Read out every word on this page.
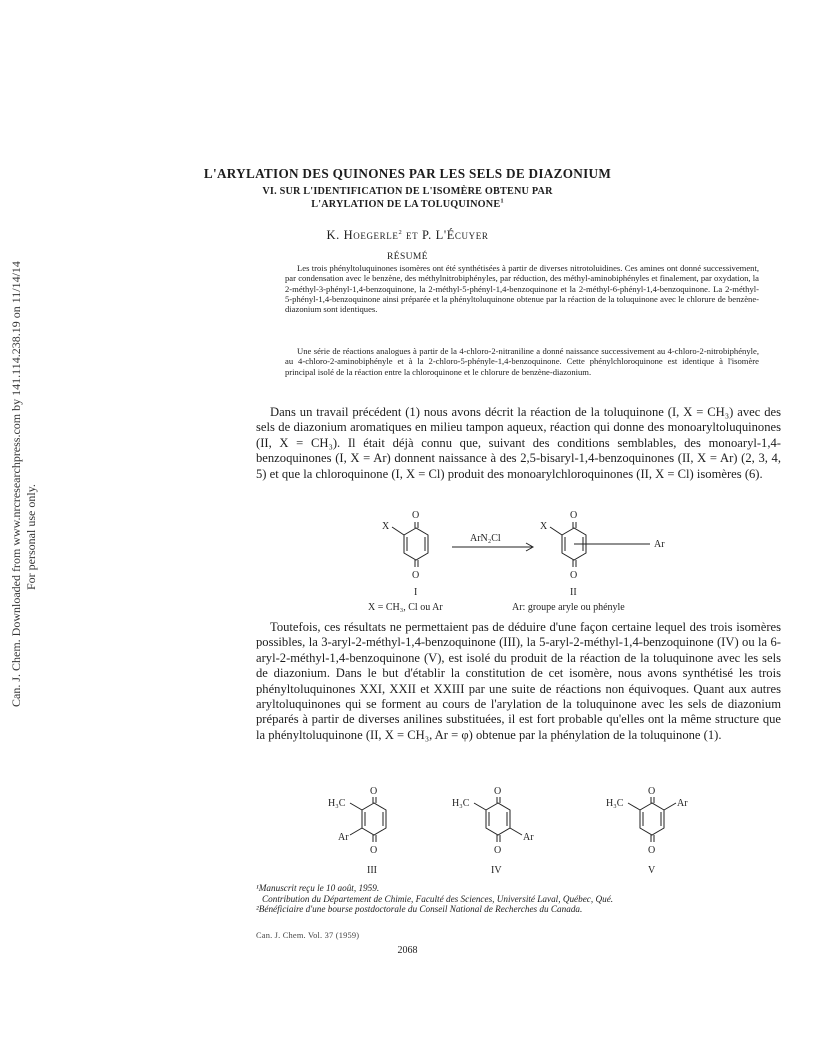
Can. J. Chem. Downloaded from www.nrcresearchpress.com by 141.114.238.19 on 11/14/14 For personal use only.
L'ARYLATION DES QUINONES PAR LES SELS DE DIAZONIUM
VI. SUR L'IDENTIFICATION DE L'ISOMÈRE OBTENU PAR
L'ARYLATION DE LA TOLUQUINONE$^1$
K. Hoegerle$^2$ et P. L'Écuyer
RÉSUMÉ

Les trois phényltoluquinones isomères ont été synthétisées à partir de diverses nitrotoluidines. Ces amines ont donné successivement, par condensation avec le benzène, des méthylnitrobiphényles, par réduction, des méthyl-aminobiphényles et finalement, par oxydation, la 2-méthyl-3-phényl-1,4-benzoquinone, la 2-méthyl-5-phényl-1,4-benzoquinone et la 2-méthyl-6-phényl-1,4-benzoquinone. La 2-méthyl-5-phényl-1,4-benzoquinone ainsi préparée et la phényltoluquinone obtenue par la réaction de la toluquinone avec le chlorure de benzène-diazonium sont identiques.

Une série de réactions analogues à partir de la 4-chloro-2-nitraniline a donné naissance successivement au 4-chloro-2-nitrobiphényle, au 4-chloro-2-aminobiphényle et à la 2-chloro-5-phényle-1,4-benzoquinone. Cette phénylchloroquinone est identique à l'isomère principal isolé de la réaction entre la chloroquinone et le chlorure de benzène-diazonium.

Dans un travail précédent (1) nous avons décrit la réaction de la toluquinone (I, X = CH₃) avec des sels de diazonium aromatiques en milieu tampon aqueux, réaction qui donne des monoaryltoluquinones (II, X = CH₃). Il était déjà connu que, suivant des conditions semblables, des monoaryl-1,4-benzoquinones (I, X = Ar) donnent naissance à des 2,5-bisaryl-1,4-benzoquinones (II, X = Ar) (2, 3, 4, 5) et que la chloroquinone (I, X = Cl) produit des monoarylchloroquinones (II, X = Cl) isomères (6).

O
O
X
ArN₂Cl
O
O
X
Ar
I	II
X = CH₃, Cl ou Ar	Ar: groupe aryle ou phényle

Toutefois, ces résultats ne permettaient pas de déduire d'une façon certaine lequel des trois isomères possibles, la 3-aryl-2-méthyl-1,4-benzoquinone (III), la 5-aryl-2-méthyl-1,4-benzoquinone (IV) ou la 6-aryl-2-méthyl-1,4-benzoquinone (V), est isolé du produit de la réaction de la toluquinone avec les sels de diazonium. Dans le but d'établir la constitution de cet isomère, nous avons synthétisé les trois phényltoluquinones XXI, XXII et XXIII par une suite de réactions non équivoques. Quant aux autres aryltoluquinones qui se forment au cours de l'arylation de la toluquinone avec les sels de diazonium préparés à partir de diverses anilines substituées, il est fort probable qu'elles ont la même structure que la phényltoluquinone (II, X = CH₃, Ar = φ) obtenue par la phénylation de la toluquinone (1).

O
O
H₃C
Ar
III
O
O
H₃C
Ar
IV
O
O
H₃C	Ar
V
¹Manuscrit reçu le 10 août, 1959.
Contribution du Département de Chimie, Faculté des Sciences, Université Laval, Québec, Qué.
²Bénéficiaire d'une bourse postdoctorale du Conseil National de Recherches du Canada.
Can. J. Chem. Vol. 37 (1959)
2068
